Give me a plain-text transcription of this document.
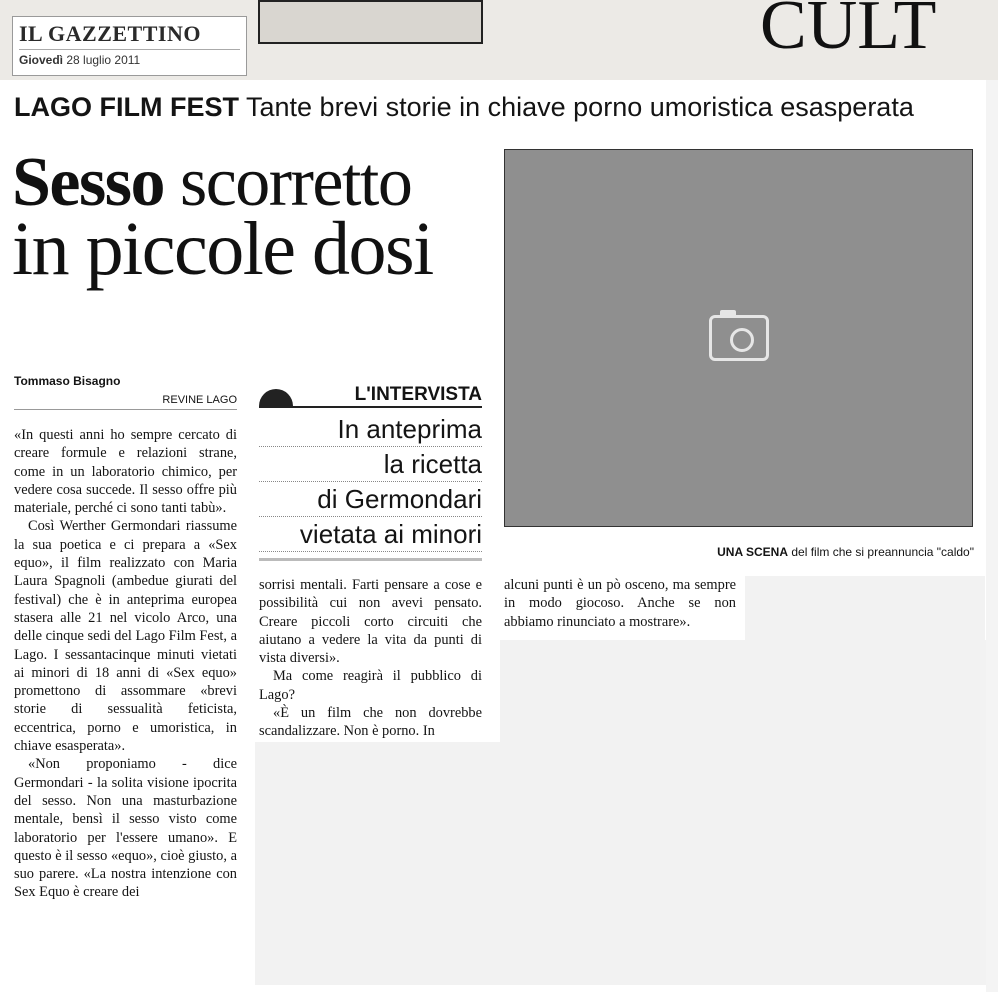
IL GAZZETTINO
Giovedì 28 luglio 2011	CULT
LAGO FILM FEST Tante brevi storie in chiave porno umoristica esasperata
Sesso scorretto
in piccole dosi
Tommaso Bisagno
REVINE LAGO

«In questi anni ho sempre cercato di creare formule e relazioni strane, come in un laboratorio chimico, per vedere cosa succede. Il sesso offre più materiale, perché ci sono tanti tabù».

Così Werther Germondari riassume la sua poetica e ci prepara a «Sex equo», il film realizzato con Maria Laura Spagnoli (ambedue giurati del festival) che è in anteprima europea stasera alle 21 nel vicolo Arco, una delle cinque sedi del Lago Film Fest, a Lago. I sessantacinque minuti vietati ai minori di 18 anni di «Sex equo» promettono di assommare «brevi storie di sessualità feticista, eccentrica, porno e umoristica, in chiave esasperata».

«Non proponiamo - dice Germondari - la solita visione ipocrita del sesso. Non una masturbazione mentale, bensì il sesso visto come laboratorio per l'essere umano». E questo è il sesso «equo», cioè giusto, a suo parere. «La nostra intenzione con Sex Equo è creare dei

L'INTERVISTA
In anteprima
la ricetta
di Germondari
vietata ai minori

sorrisi mentali. Farti pensare a cose e possibilità cui non avevi pensato. Creare piccoli corto circuiti che aiutano a vedere la vita da punti di vista diversi».

Ma come reagirà il pubblico di Lago?

«È un film che non dovrebbe scandalizzare. Non è porno. In

UNA SCENA del film che si preannuncia "caldo"

alcuni punti è un pò osceno, ma sempre in modo giocoso. Anche se non abbiamo rinunciato a mostrare».
